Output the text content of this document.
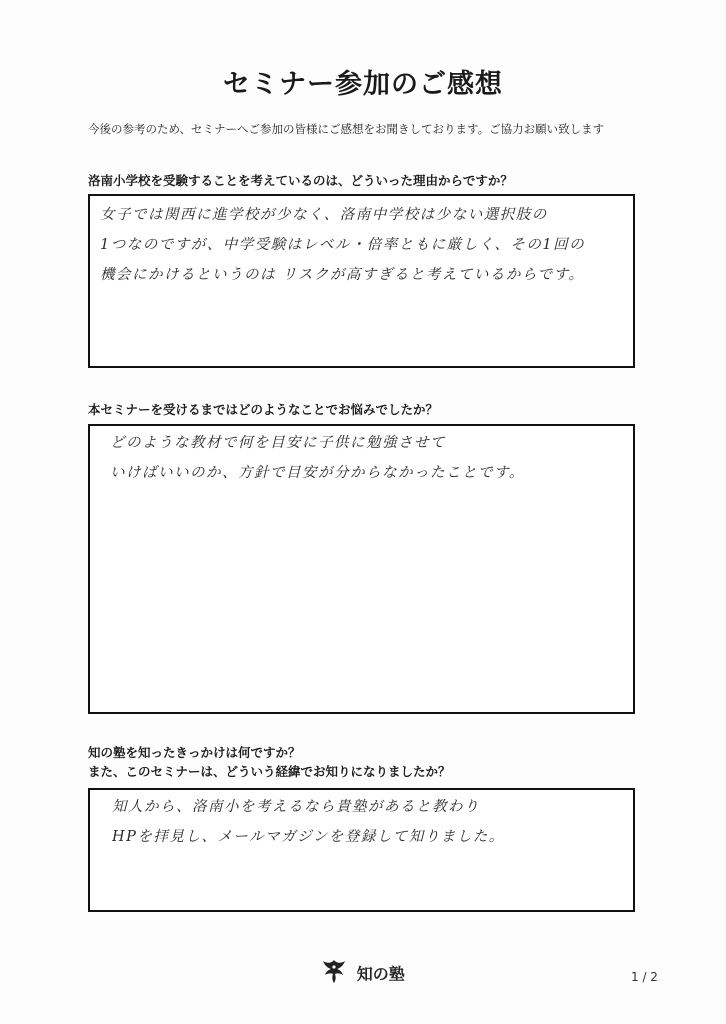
セミナー参加のご感想
今後の参考のため、セミナーへご参加の皆様にご感想をお聞きしております。ご協力お願い致します
洛南小学校を受験することを考えているのは、どういった理由からですか？
女子では関西に進学校が少なく、洛南中学校は少ない選択肢の
1つなのですが、中学受験はレベル・倍率ともに厳しく、その1回の
機会にかけるというのは リスクが高すぎると考えているからです。
本セミナーを受けるまではどのようなことでお悩みでしたか？
どのような教材で何を目安に子供に勉強させて
いけばいいのか、方針で目安が分からなかったことです。
知の塾を知ったきっかけは何ですか？
また、このセミナーは、どういう経緯でお知りになりましたか？
知人から、洛南小を考えるなら貴塾があると教わり
HPを拝見し、メールマガジンを登録して知りました。
知の塾	1 / 2
